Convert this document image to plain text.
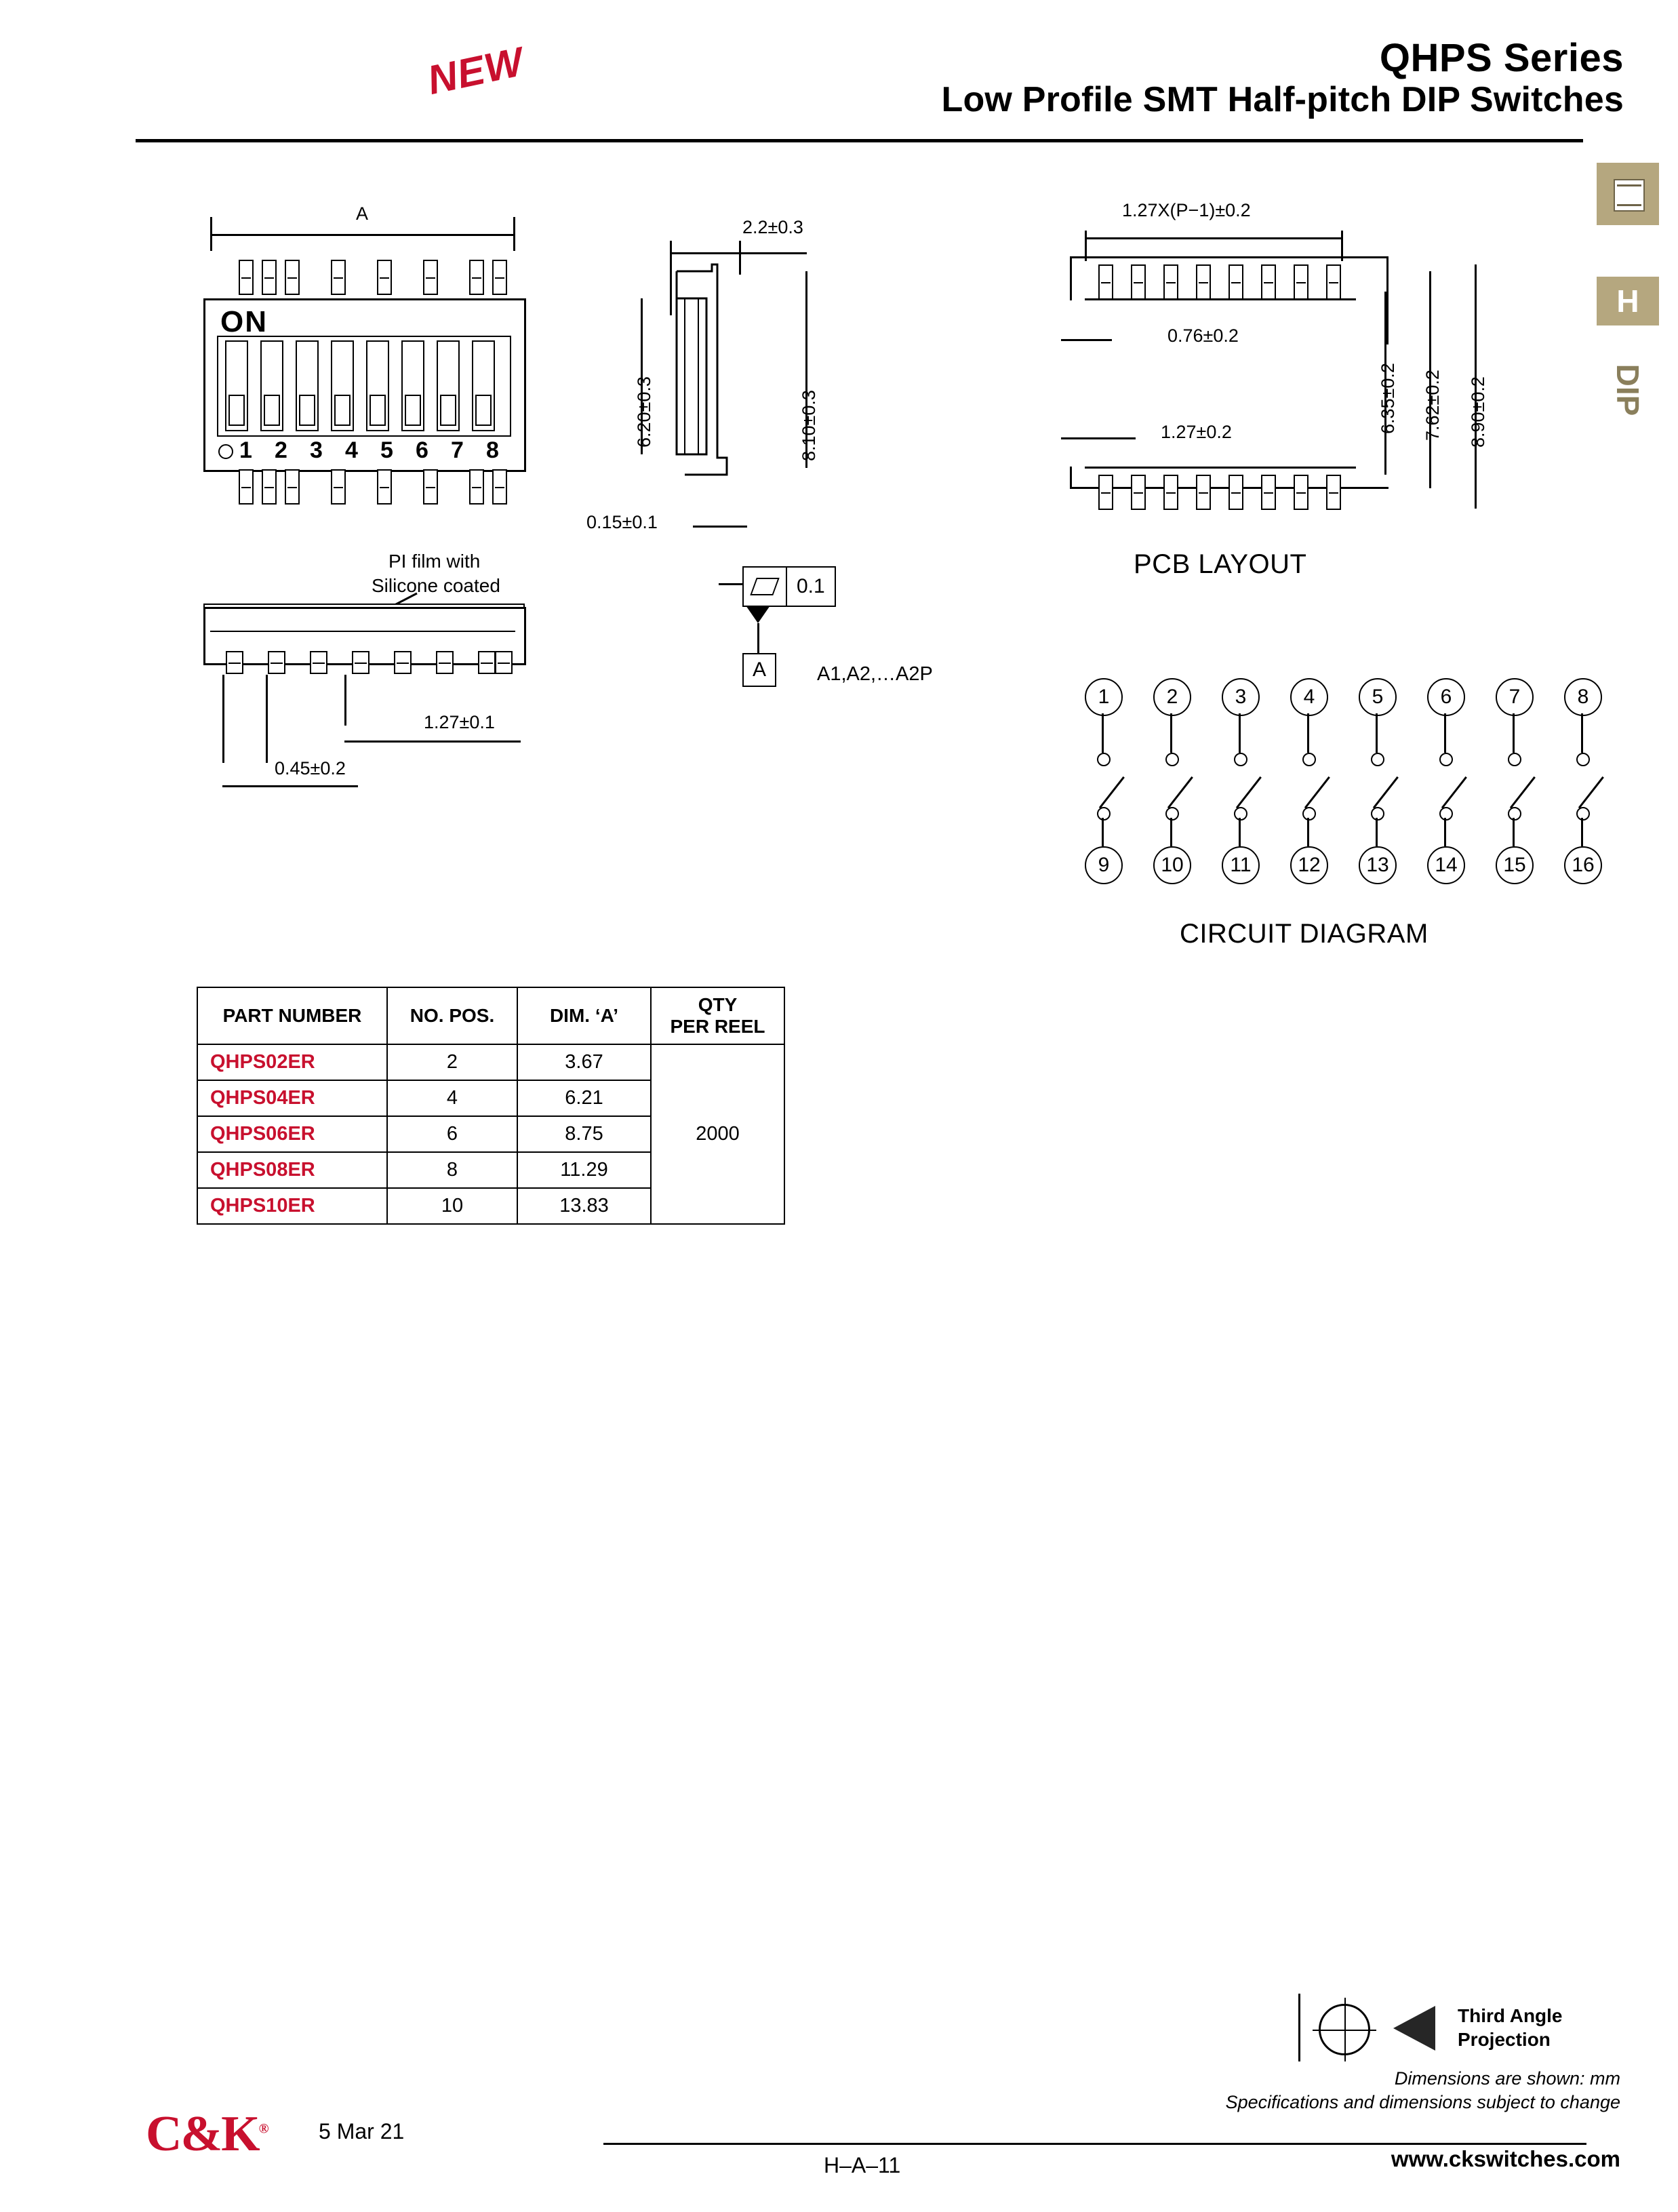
NEW	QHPS Series
Low Profile SMT Half-pitch DIP Switches
H
DIP
A
ON
1 2 3 4 5 6 7 8
PI film with
Silicone coated
1.27±0.1
0.45±0.2
2.2±0.3
6.20±0.3	8.10±0.3
0.15±0.1
0.1
A	A1,A2,…A2P
1.27X(P−1)±0.2
0.76±0.2
1.27±0.2	6.35±0.2 7.62±0.2 8.90±0.2
PCB LAYOUT
1	2	3	4	5	6	7	8
9	10	11	12	13	14	15	16
CIRCUIT DIAGRAM
PART NUMBER	NO. POS.	DIM. ‘A’	QTY
PER REEL

QHPS02ER	2	3.67	2000
QHPS04ER	4	6.21	
QHPS06ER	6	8.75	
QHPS08ER	8	11.29	
QHPS10ER	10	13.83	
Third Angle
Projection
Dimensions are shown: mm
Specifications and dimensions subject to change
C&K® 5 Mar 21
H–A–11	www.ckswitches.com
